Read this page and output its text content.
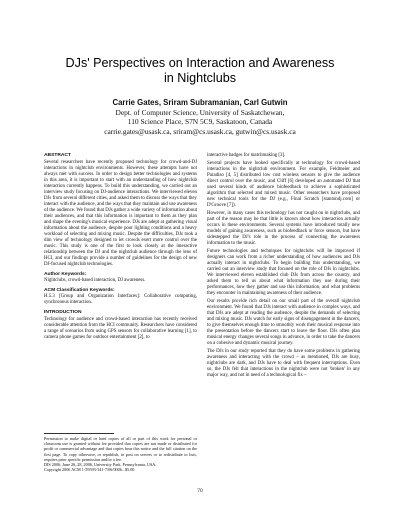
DJs' Perspectives on Interaction and Awareness
in Nightclubs
Carrie Gates, Sriram Subramanian, Carl Gutwin
Dept. of Computer Science, University of Saskatchewan,
110 Science Place, S7N 5C9, Saskatoon, Canada
carrie.gates@usask.ca, sriram@cs.usask.ca, gutwin@cs.usask.ca
ABSTRACT

Several researchers have recently proposed technology for crowd-and-DJ interactions in nightclub environments. However, these attempts have not always met with success. In order to design better technologies and systems in this area, it is important to start with an understanding of how nightclub interaction currently happens. To build this understanding, we carried out an interview study focusing on DJ-audience interactions. We interviewed eleven DJs from several different cities, and asked them to discuss the ways that they interact with the audience, and the ways that they maintain and use awareness of the audience. We found that DJs gather a wide variety of information about their audiences, and that this information is important to them as they plan and shape the evening's musical experience. DJs are adept at gathering visual information about the audience, despite poor lighting conditions and a heavy workload of selecting and mixing music. Despite the difficulties, DJs took a dim view of technology designed to let crowds exert more control over the music. This study is one of the first to look closely at the interactive relationship between the DJ and the nightclub audience through the lens of HCI, and our findings provide a number of guidelines for the design of new DJ-focused nightclub technologies.

Author Keywords:

Nightclubs, crowd-based interaction, DJ awareness.

ACM Classification Keywords:

H.5.3 [Group and Organization Interfaces]: Collaborative computing, synchronous interaction.

INTRODUCTION

Technology for audience and crowd-based interaction has recently received considerable attention from the HCI community. Researchers have considered a range of scenarios from using GPS sensors for collaborative learning [1], to camera phone games for outdoor entertainment [2], to

Permission to make digital or hard copies of all or part of this work for personal or classroom use is granted without fee provided that copies are not made or distributed for profit or commercial advantage and that copies bear this notice and the full citation on the first page. To copy otherwise, or republish, to post on servers or to redistribute to lists, requires prior specific permission and/or a fee.

DIS 2006, June 26–28, 2006, University Park, Pennsylvania, USA.

Copyright 2006 ACM 1-59593-341-7/06/0006...$5.00.

interactive badges for matchmaking [3].

Several projects have looked specifically at technology for crowd-based interactions in the nightclub environment. For example, Feldmeier and Paradiso [4, 5] distributed low cost wireless sensors to give the audience direct control over the music, and Cliff [6] developed an automated DJ that used several kinds of audience biofeedback to achieve a sophisticated algorithm that selected and mixed music. Other researchers have proposed new technical tools for the DJ (e.g., Final Scratch [stantondj.com] or D'Groove [7]).

However, in many cases this technology has not caught on in nightclubs, and part of the reason may be that little is known about how interaction actually occurs in these environments. Several systems have introduced totally new models of gaining awareness, such as biofeedback or force sensors, but have sidestepped the DJ's role in the process of connecting the awareness information to the music.

Future technologies and techniques for nightclubs will be improved if designers can work from a richer understanding of how audiences and DJs actually interact in nightclubs. To begin building this understanding, we carried out an interview study that focused on the role of DJs in nightclubs. We interviewed eleven established club DJs from across the country, and asked them to tell us about what information they use during their performances, how they gather and use this information, and what problems they encounter in maintaining awareness of their audience.

Our results provide rich detail on our small part of the overall nightclub environment. We found that DJs interact with audience in complex ways, and that DJs are adept at reading the audience, despite the demands of selecting and mixing music. DJs watch for early signs of disengagement in the dancers, to give themselves enough time to smoothly work their musical response into the presentation before the dancers start to leave the floor. DJs often plan musical energy changes several songs in advance, in order to take the dancers on a cohesive and dynamic musical journey.

The DJs in our study reported that they do have some problems in gathering awareness and interacting with the crowd – as mentioned, DJs are busy, nightclubs are dark, and DJs have to deal with frequent interruptions. Even so, the DJs felt that interactions in the nightclub were not 'broken' in any major way, and not in need of a technological fix –

70
